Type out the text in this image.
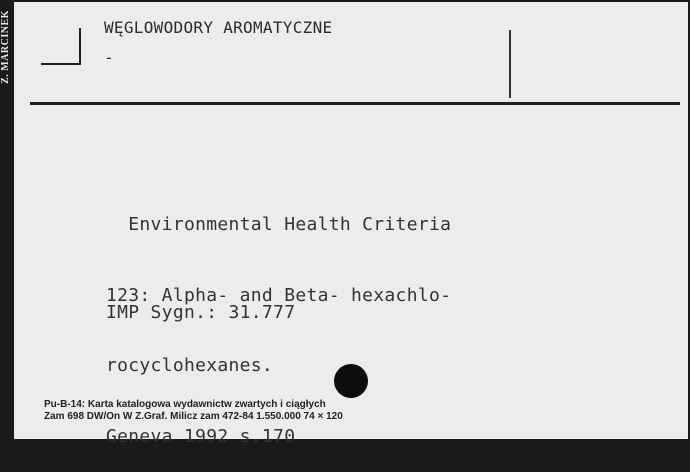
Z. MARCINEK	WĘGLOWODORY AROMATYCZNE
-

Environmental Health Criteria

123: Alpha- and Beta- hexachlo-

rocyclohexanes.

Geneva 1992 s.170

IMP Sygn.: 31.777
Pu-B-14: Karta katalogowa wydawnictw zwartych i ciągłych
Zam 698 DW/On W Z.Graf. Milicz zam 472-84 1.550.000 74 × 120
